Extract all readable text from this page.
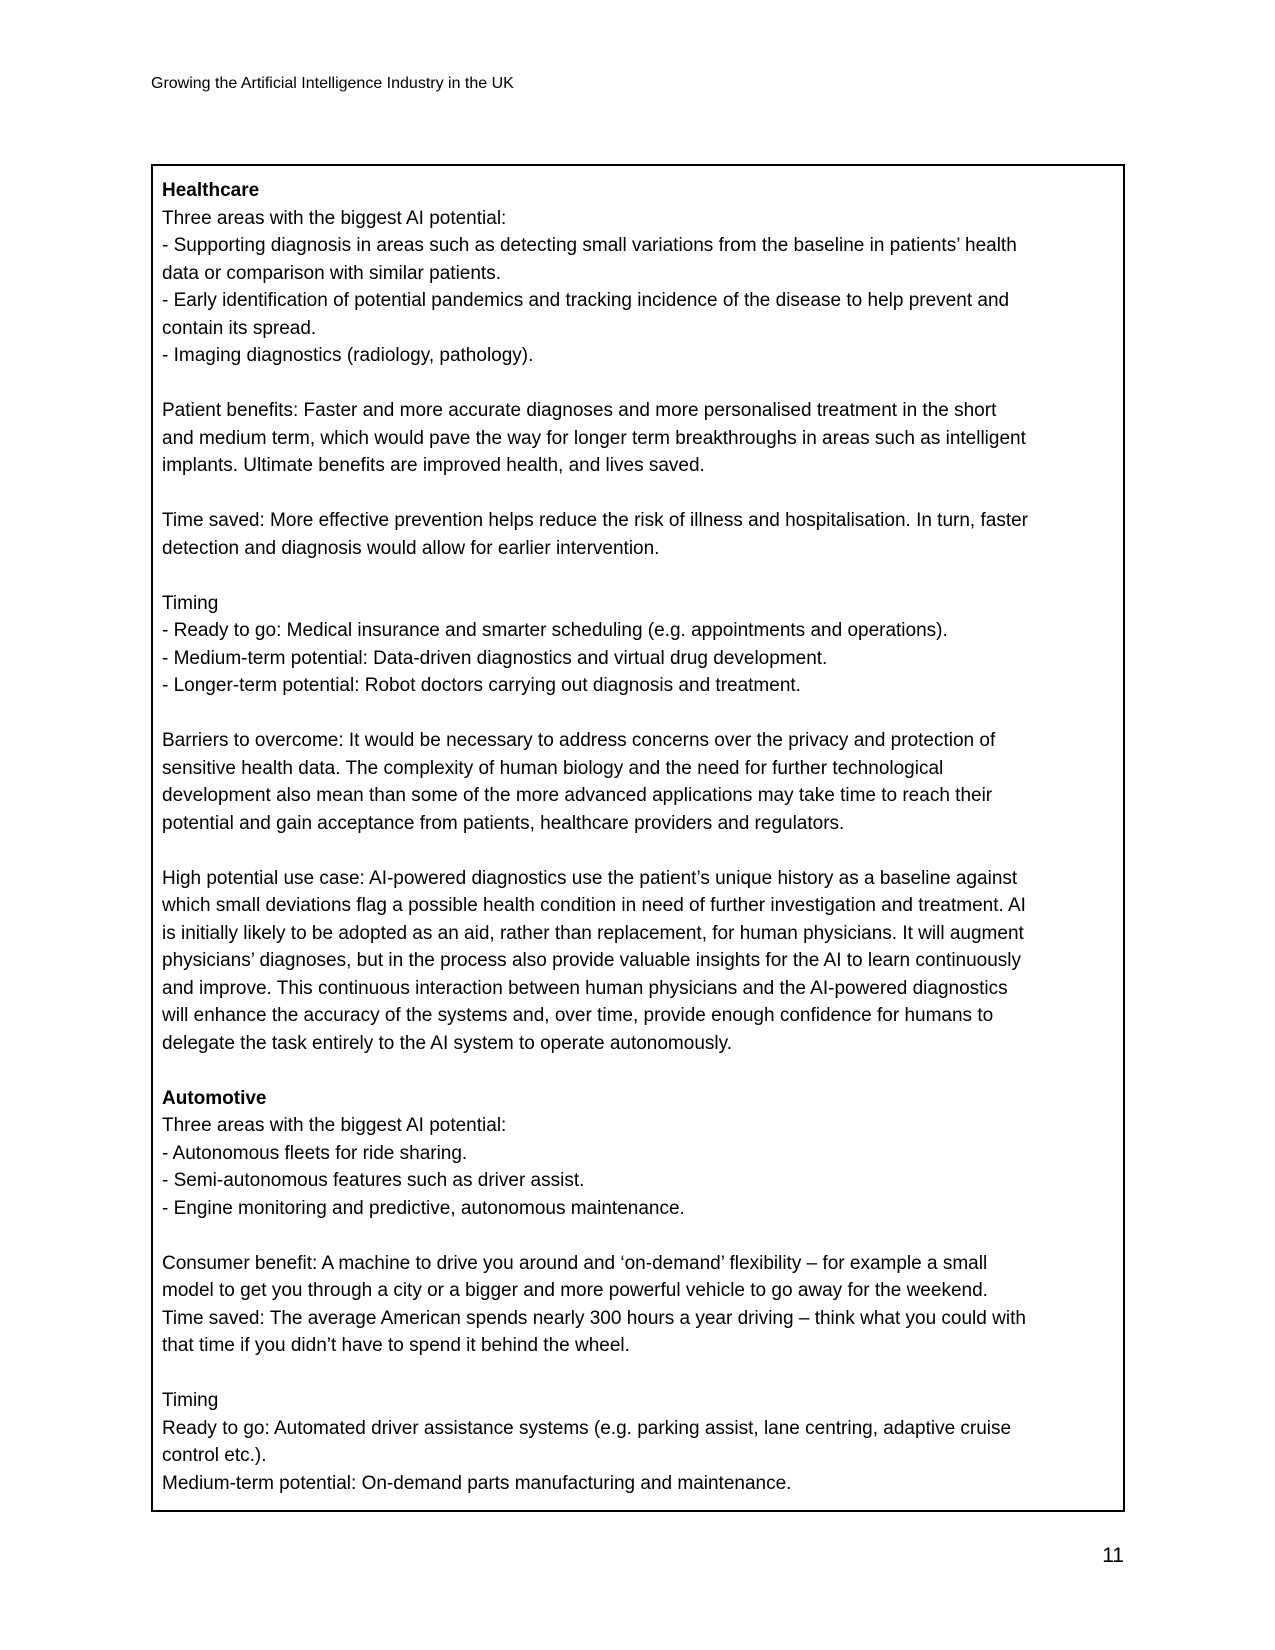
Growing the Artificial Intelligence Industry in the UK
Healthcare
Three areas with the biggest AI potential:
- Supporting diagnosis in areas such as detecting small variations from the baseline in patients’ health
data or comparison with similar patients.
- Early identification of potential pandemics and tracking incidence of the disease to help prevent and
contain its spread.
- Imaging diagnostics (radiology, pathology).
Patient benefits: Faster and more accurate diagnoses and more personalised treatment in the short
and medium term, which would pave the way for longer term breakthroughs in areas such as intelligent
implants. Ultimate benefits are improved health, and lives saved.
Time saved: More effective prevention helps reduce the risk of illness and hospitalisation. In turn, faster
detection and diagnosis would allow for earlier intervention.
Timing
- Ready to go: Medical insurance and smarter scheduling (e.g. appointments and operations).
- Medium-term potential: Data-driven diagnostics and virtual drug development.
- Longer-term potential: Robot doctors carrying out diagnosis and treatment.
Barriers to overcome: It would be necessary to address concerns over the privacy and protection of
sensitive health data. The complexity of human biology and the need for further technological
development also mean than some of the more advanced applications may take time to reach their
potential and gain acceptance from patients, healthcare providers and regulators.
High potential use case: AI-powered diagnostics use the patient’s unique history as a baseline against
which small deviations flag a possible health condition in need of further investigation and treatment. AI
is initially likely to be adopted as an aid, rather than replacement, for human physicians. It will augment
physicians’ diagnoses, but in the process also provide valuable insights for the AI to learn continuously
and improve. This continuous interaction between human physicians and the AI-powered diagnostics
will enhance the accuracy of the systems and, over time, provide enough confidence for humans to
delegate the task entirely to the AI system to operate autonomously.
Automotive
Three areas with the biggest AI potential:
- Autonomous fleets for ride sharing.
- Semi-autonomous features such as driver assist.
- Engine monitoring and predictive, autonomous maintenance.
Consumer benefit: A machine to drive you around and ‘on-demand’ flexibility – for example a small
model to get you through a city or a bigger and more powerful vehicle to go away for the weekend.
Time saved: The average American spends nearly 300 hours a year driving – think what you could with
that time if you didn’t have to spend it behind the wheel.
Timing
Ready to go: Automated driver assistance systems (e.g. parking assist, lane centring, adaptive cruise
control etc.).
Medium-term potential: On-demand parts manufacturing and maintenance.
11
